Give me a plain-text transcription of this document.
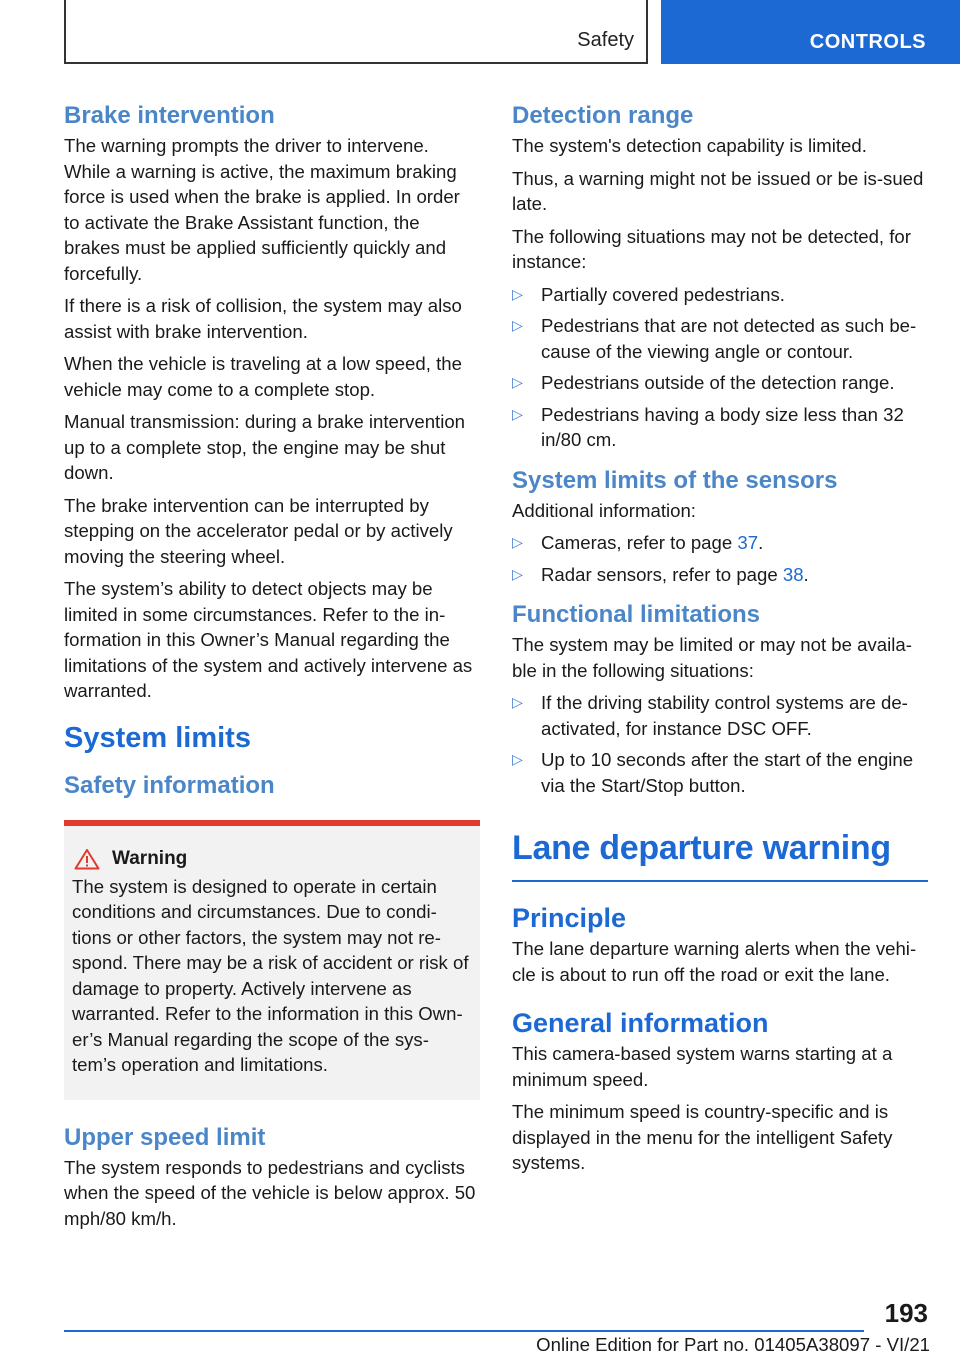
Safety	CONTROLS
Brake intervention

The warning prompts the driver to intervene. While a warning is active, the maximum braking force is used when the brake is applied. In order to activate the Brake Assistant function, the brakes must be applied sufficiently quickly and forcefully.

If there is a risk of collision, the system may also assist with brake intervention.

When the vehicle is traveling at a low speed, the vehicle may come to a complete stop.

Manual transmission: during a brake intervention up to a complete stop, the engine may be shut down.

The brake intervention can be interrupted by stepping on the accelerator pedal or by actively moving the steering wheel.

The system’s ability to detect objects may be limited in some circumstances. Refer to the in-formation in this Owner’s Manual regarding the limitations of the system and actively intervene as warranted.

System limits
Safety information
Warning

The system is designed to operate in certain conditions and circumstances. Due to condi-tions or other factors, the system may not re-spond. There may be a risk of accident or risk of damage to property. Actively intervene as warranted. Refer to the information in this Own-er’s Manual regarding the scope of the sys-tem’s operation and limitations.

Upper speed limit

The system responds to pedestrians and cyclists when the speed of the vehicle is below approx. 50 mph/80 km/h.

Detection range

The system's detection capability is limited.

Thus, a warning might not be issued or be is-sued late.

The following situations may not be detected, for instance:

▷ Partially covered pedestrians.
▷ Pedestrians that are not detected as such be-cause of the viewing angle or contour.
▷ Pedestrians outside of the detection range.
▷ Pedestrians having a body size less than 32 in/80 cm.
System limits of the sensors

Additional information:

▷ Cameras, refer to page 37.
▷ Radar sensors, refer to page 38.
Functional limitations

The system may be limited or may not be availa-ble in the following situations:

▷ If the driving stability control systems are de-activated, for instance DSC OFF.
▷ Up to 10 seconds after the start of the engine via the Start/Stop button.
Lane departure warning
Principle

The lane departure warning alerts when the vehi-cle is about to run off the road or exit the lane.

General information

This camera-based system warns starting at a minimum speed.

The minimum speed is country-specific and is displayed in the menu for the intelligent Safety systems.

193
Online Edition for Part no. 01405A38097 - VI/21
